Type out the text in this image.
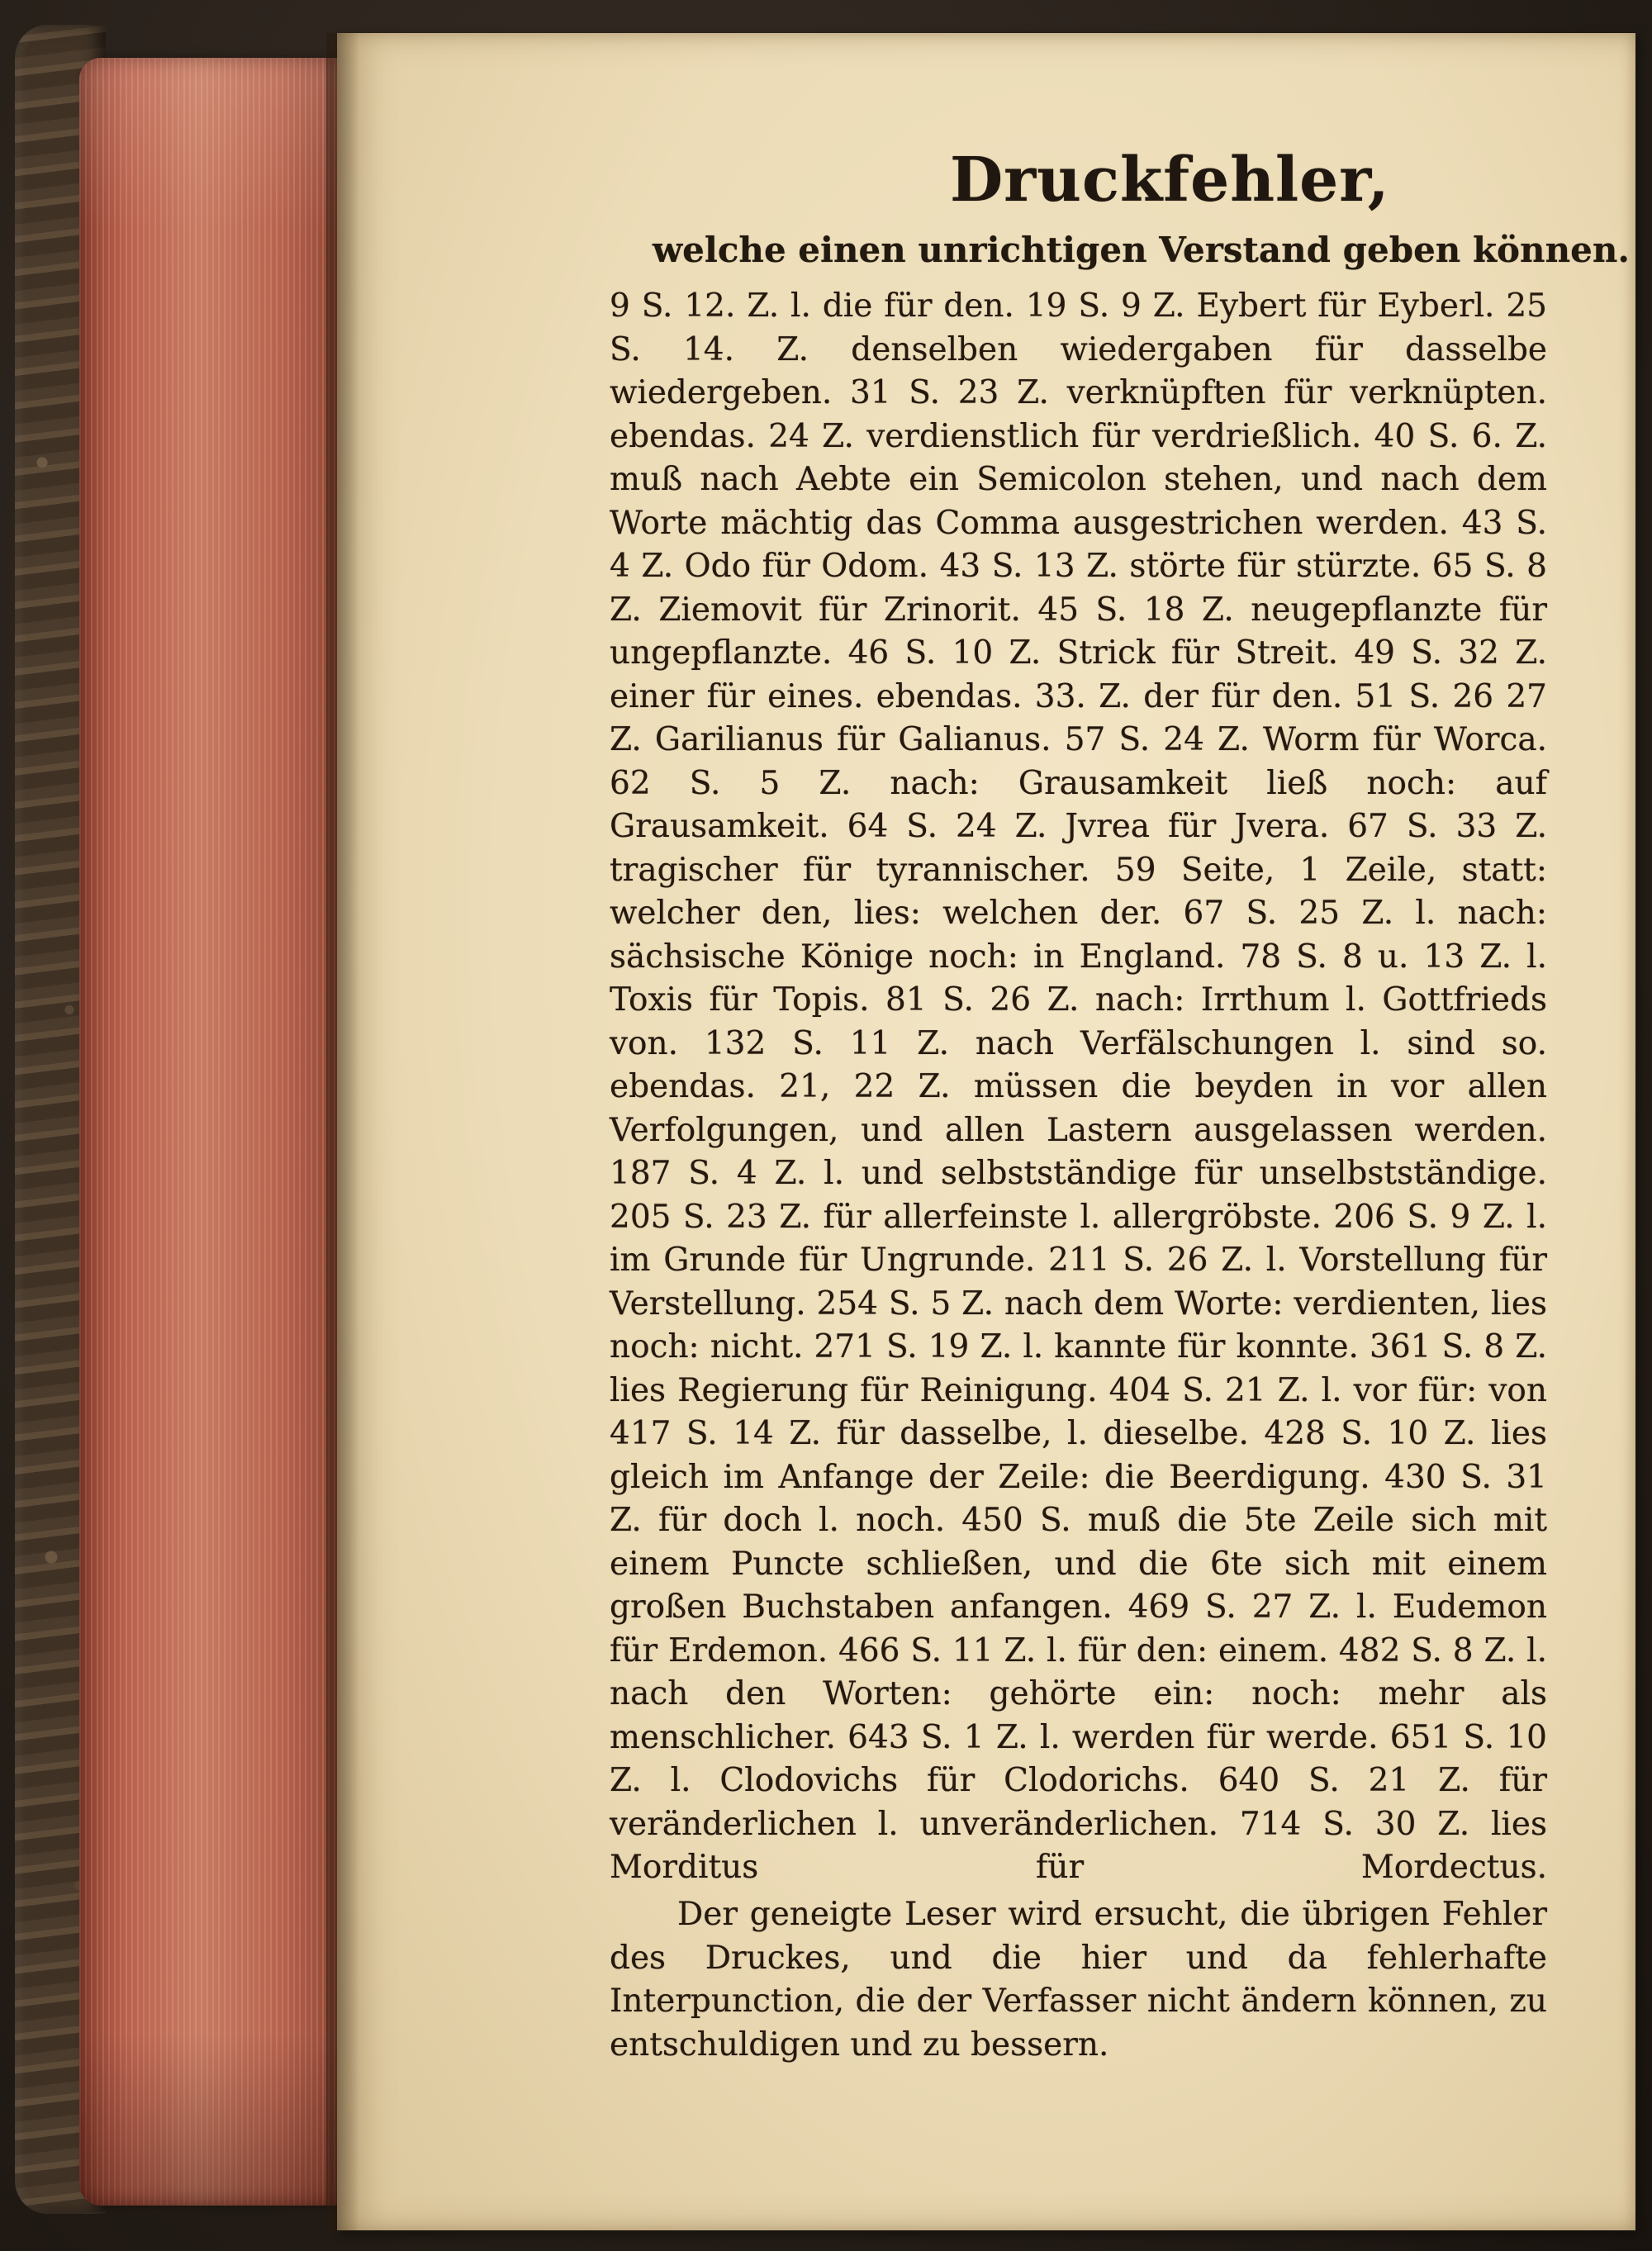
Druckfehler,
welche einen unrichtigen Verstand geben können.

9 S. 12. Z. l. die für den. 19 S. 9 Z. Eybert für Eyberl. 25 S. 14. Z. denselben wiedergaben für dasselbe wiedergeben. 31 S. 23 Z. verknüpften für verknüpten. ebendas. 24 Z. verdienstlich für verdrießlich. 40 S. 6. Z. muß nach Aebte ein Semicolon stehen, und nach dem Worte mächtig das Comma ausgestrichen werden. 43 S. 4 Z. Odo für Odom. 43 S. 13 Z. störte für stürzte. 65 S. 8 Z. Ziemovit für Zrinorit. 45 S. 18 Z. neugepflanzte für ungepflanzte. 46 S. 10 Z. Strick für Streit. 49 S. 32 Z. einer für eines. ebendas. 33. Z. der für den. 51 S. 26 27 Z. Garilianus für Galianus. 57 S. 24 Z. Worm für Worca. 62 S. 5 Z. nach: Grausamkeit ließ noch: auf Grausamkeit. 64 S. 24 Z. Jvrea für Jvera. 67 S. 33 Z. tragischer für tyrannischer. 59 Seite, 1 Zeile, statt: welcher den, lies: welchen der. 67 S. 25 Z. l. nach: sächsische Könige noch: in England. 78 S. 8 u. 13 Z. l. Toxis für Topis. 81 S. 26 Z. nach: Irrthum l. Gottfrieds von. 132 S. 11 Z. nach Verfälschungen l. sind so. ebendas. 21, 22 Z. müssen die beyden in vor allen Verfolgungen, und allen Lastern ausgelassen werden. 187 S. 4 Z. l. und selbstständige für unselbstständige. 205 S. 23 Z. für allerfeinste l. allergröbste. 206 S. 9 Z. l. im Grunde für Ungrunde. 211 S. 26 Z. l. Vorstellung für Verstellung. 254 S. 5 Z. nach dem Worte: verdienten, lies noch: nicht. 271 S. 19 Z. l. kannte für konnte. 361 S. 8 Z. lies Regierung für Reinigung. 404 S. 21 Z. l. vor für: von 417 S. 14 Z. für dasselbe, l. dieselbe. 428 S. 10 Z. lies gleich im Anfange der Zeile: die Beerdigung. 430 S. 31 Z. für doch l. noch. 450 S. muß die 5te Zeile sich mit einem Puncte schließen, und die 6te sich mit einem großen Buchstaben anfangen. 469 S. 27 Z. l. Eudemon für Erdemon. 466 S. 11 Z. l. für den: einem. 482 S. 8 Z. l. nach den Worten: gehörte ein: noch: mehr als menschlicher. 643 S. 1 Z. l. werden für werde. 651 S. 10 Z. l. Clodovichs für Clodorichs. 640 S. 21 Z. für veränderlichen l. unveränderlichen. 714 S. 30 Z. lies Morditus für Mordectus.

Der geneigte Leser wird ersucht, die übrigen Fehler des Druckes, und die hier und da fehlerhafte Interpunction, die der Verfasser nicht ändern können, zu entschuldigen und zu bessern.
